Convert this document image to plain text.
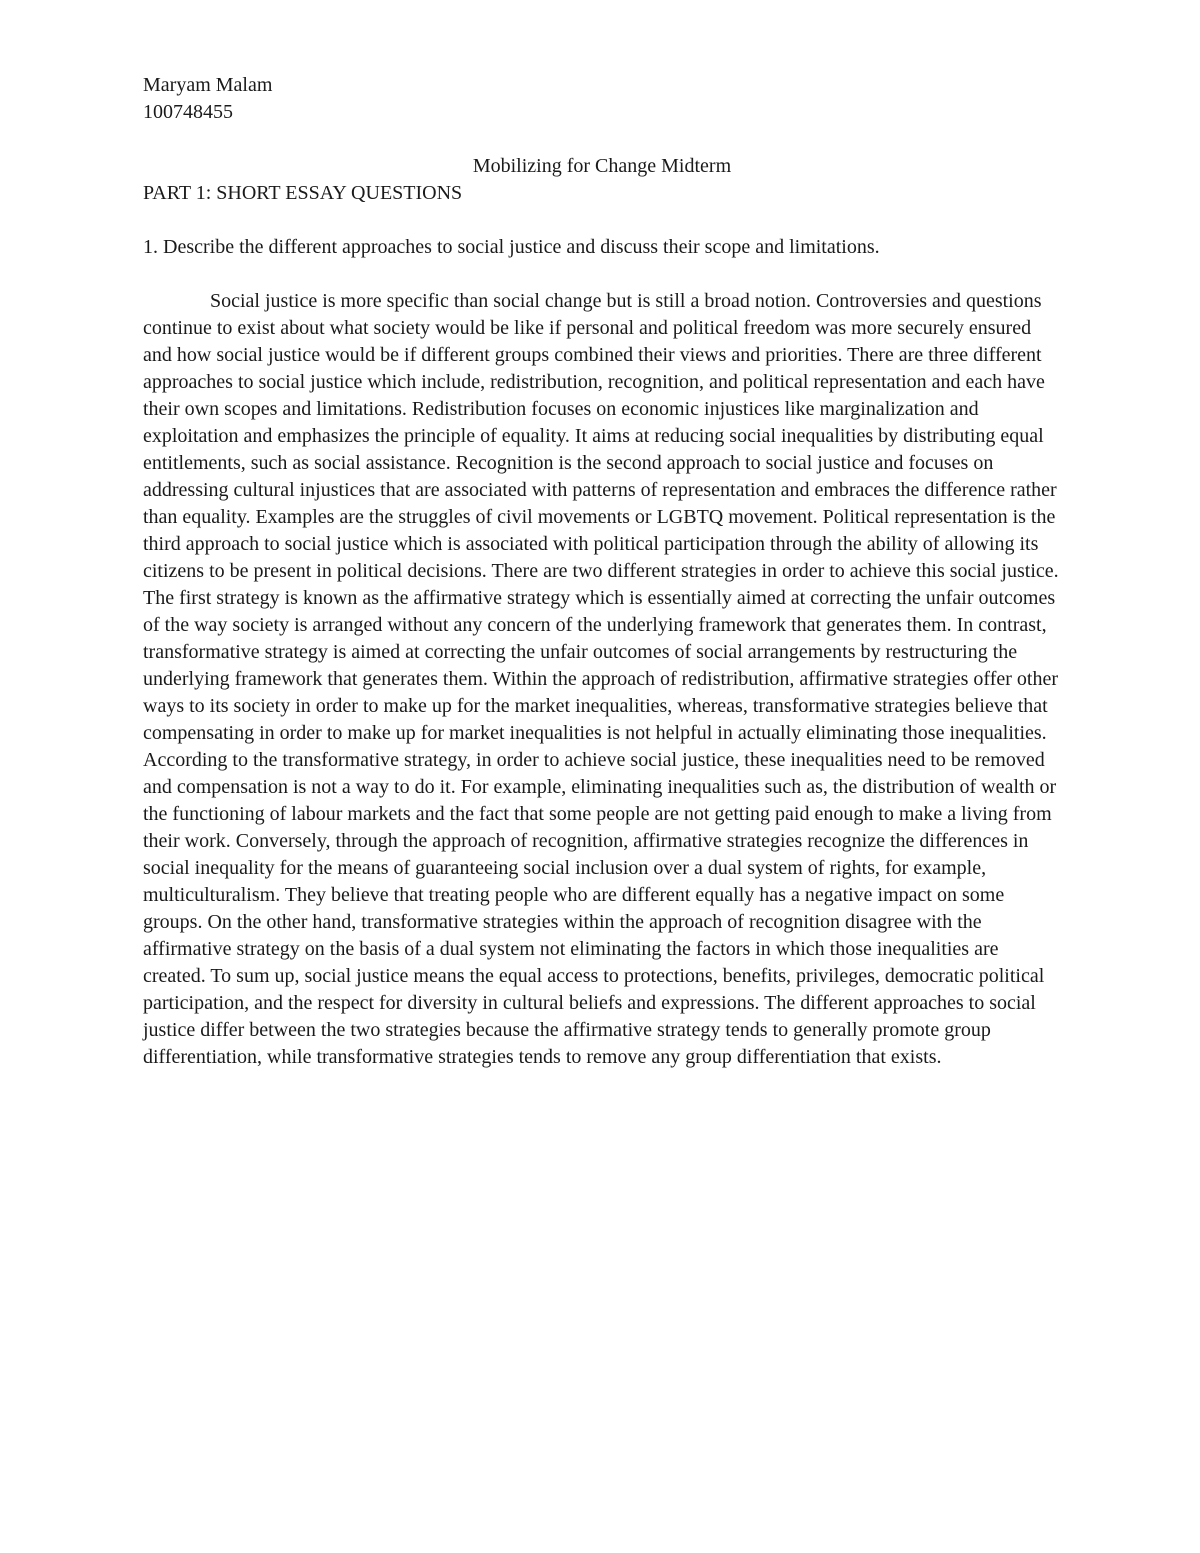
Maryam Malam

100748455

Mobilizing for Change Midterm

PART 1: SHORT ESSAY QUESTIONS

1. Describe the different approaches to social justice and discuss their scope and limitations.

Social justice is more specific than social change but is still a broad notion. Controversies and questions continue to exist about what society would be like if personal and political freedom was more securely ensured and how social justice would be if different groups combined their views and priorities. There are three different approaches to social justice which include, redistribution, recognition, and political representation and each have their own scopes and limitations. Redistribution focuses on economic injustices like marginalization and exploitation and emphasizes the principle of equality. It aims at reducing social inequalities by distributing equal entitlements, such as social assistance. Recognition is the second approach to social justice and focuses on addressing cultural injustices that are associated with patterns of representation and embraces the difference rather than equality. Examples are the struggles of civil movements or LGBTQ movement. Political representation is the third approach to social justice which is associated with political participation through the ability of allowing its citizens to be present in political decisions. There are two different strategies in order to achieve this social justice. The first strategy is known as the affirmative strategy which is essentially aimed at correcting the unfair outcomes of the way society is arranged without any concern of the underlying framework that generates them. In contrast, transformative strategy is aimed at correcting the unfair outcomes of social arrangements by restructuring the underlying framework that generates them. Within the approach of redistribution, affirmative strategies offer other ways to its society in order to make up for the market inequalities, whereas, transformative strategies believe that compensating in order to make up for market inequalities is not helpful in actually eliminating those inequalities. According to the transformative strategy, in order to achieve social justice, these inequalities need to be removed and compensation is not a way to do it. For example, eliminating inequalities such as, the distribution of wealth or the functioning of labour markets and the fact that some people are not getting paid enough to make a living from their work. Conversely, through the approach of recognition, affirmative strategies recognize the differences in social inequality for the means of guaranteeing social inclusion over a dual system of rights, for example, multiculturalism. They believe that treating people who are different equally has a negative impact on some groups. On the other hand, transformative strategies within the approach of recognition disagree with the affirmative strategy on the basis of a dual system not eliminating the factors in which those inequalities are created. To sum up, social justice means the equal access to protections, benefits, privileges, democratic political participation, and the respect for diversity in cultural beliefs and expressions. The different approaches to social justice differ between the two strategies because the affirmative strategy tends to generally promote group differentiation, while transformative strategies tends to remove any group differentiation that exists.
